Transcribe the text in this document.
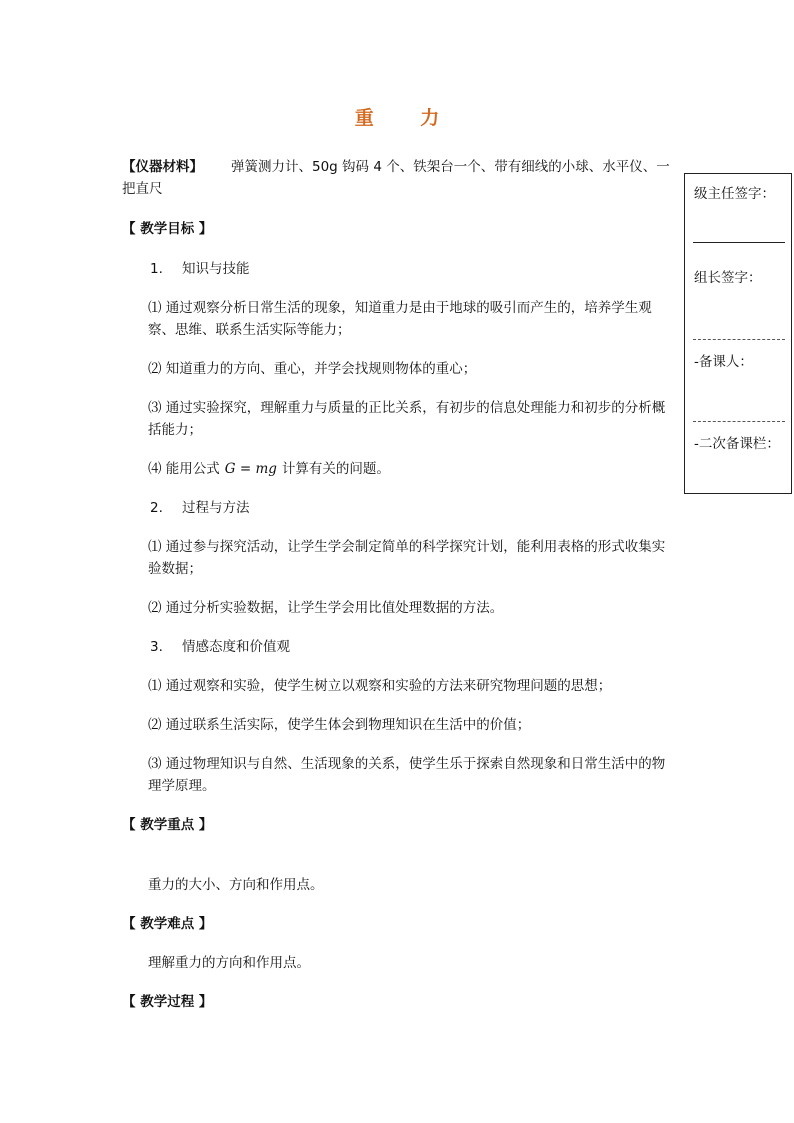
重 力

【仪器材料】 弹簧测力计、50g 钩码 4 个、铁架台一个、带有细线的小球、水平仪、一把直尺

【 教学目标 】

1. 知识与技能

⑴ 通过观察分析日常生活的现象，知道重力是由于地球的吸引而产生的，培养学生观察、思维、联系生活实际等能力；

⑵ 知道重力的方向、重心，并学会找规则物体的重心；

⑶ 通过实验探究，理解重力与质量的正比关系，有初步的信息处理能力和初步的分析概括能力；

⑷ 能用公式 G = mg 计算有关的问题。

2. 过程与方法

⑴ 通过参与探究活动，让学生学会制定简单的科学探究计划，能利用表格的形式收集实验数据；

⑵ 通过分析实验数据，让学生学会用比值处理数据的方法。

3. 情感态度和价值观

⑴ 通过观察和实验，使学生树立以观察和实验的方法来研究物理问题的思想；

⑵ 通过联系生活实际，使学生体会到物理知识在生活中的价值；

⑶ 通过物理知识与自然、生活现象的关系，使学生乐于探索自然现象和日常生活中的物理学原理。

【 教学重点 】

重力的大小、方向和作用点。

【 教学难点 】

理解重力的方向和作用点。

【 教学过程 】

级主任签字：
组长签字：
-备课人：
-二次备课栏：
